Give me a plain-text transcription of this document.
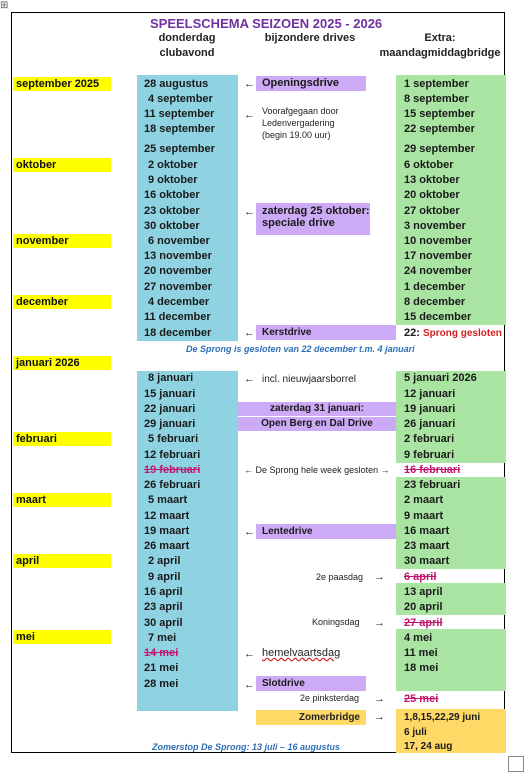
⊞
SPEELSCHEMA SEIZOEN 2025 - 2026
donderdag
clubavond
bijzondere drives	Extra:
maandagmiddagbridge
september 2025
oktober
november
december
januari 2026
februari
maart
april
mei
28 augustus
4 september
11 september
18 september
25 september
2 oktober
9 oktober
16 oktober
23 oktober
30 oktober
6 november
13 november
20 november
27 november
4 december
11 december
18 december
8 januari
15 januari
22 januari
29 januari
5 februari
12 februari
19 februari
26 februari
5 maart
12 maart
19 maart
26 maart
2 april
9 april
16 april
23 april
30 april
7 mei
14 mei
21 mei
28 mei
1 september
8 september
15 september
22 september
29 september
6 oktober
13 oktober
20 oktober
27 oktober
3 november
10 november
17 november
24 november
1 december
8 december
15 december
22: Sprong gesloten
5 januari 2026
12 januari
19 januari
26 januari
2 februari
9 februari
16 februari
23 februari
2 maart
9 maart
16 maart
23 maart
30 maart
6 april
13 april
20 april
27 april
4 mei
11 mei
18 mei
25 mei
1,8,15,22,29 juni
6 juli
17, 24 aug
← Openingsdrive
← Voorafgegaan door
Ledenvergadering
(begin 19.00 uur)
← zaterdag 25 oktober:
speciale drive
← Kerstdrive
De Sprong is gesloten van 22 december t.m. 4 januari
← incl. nieuwjaarsborrel
zaterdag 31 januari:
Open Berg en Dal Drive
← De Sprong hele week gesloten →
← Lentedrive
2e paasdag →
Koningsdag →
← hemelvaartsdag
← Slotdrive
2e pinksterdag →
Zomerbridge	→
Zomerstop De Sprong: 13 juli – 16 augustus
